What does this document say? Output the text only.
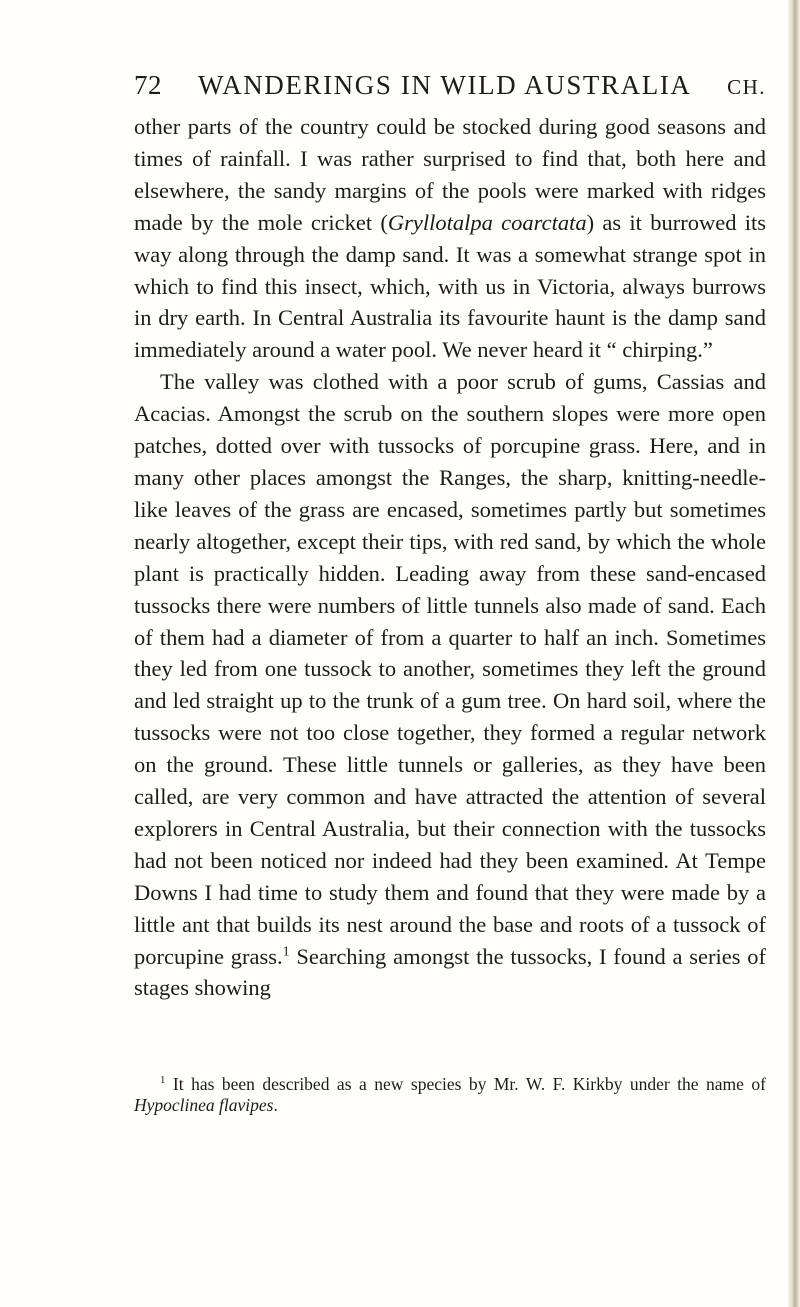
72 WANDERINGS IN WILD AUSTRALIA CH.

other parts of the country could be stocked during good seasons and times of rainfall. I was rather surprised to find that, both here and elsewhere, the sandy margins of the pools were marked with ridges made by the mole cricket (Gryllotalpa coarctata) as it burrowed its way along through the damp sand. It was a somewhat strange spot in which to find this insect, which, with us in Victoria, always burrows in dry earth. In Central Australia its favourite haunt is the damp sand immediately around a water pool. We never heard it “ chirping.”

The valley was clothed with a poor scrub of gums, Cassias and Acacias. Amongst the scrub on the southern slopes were more open patches, dotted over with tussocks of porcupine grass. Here, and in many other places amongst the Ranges, the sharp, knitting-needle-like leaves of the grass are encased, sometimes partly but sometimes nearly altogether, except their tips, with red sand, by which the whole plant is practically hidden. Leading away from these sand-encased tussocks there were numbers of little tunnels also made of sand. Each of them had a diameter of from a quarter to half an inch. Sometimes they led from one tussock to another, sometimes they left the ground and led straight up to the trunk of a gum tree. On hard soil, where the tussocks were not too close together, they formed a regular network on the ground. These little tunnels or galleries, as they have been called, are very common and have attracted the attention of several explorers in Central Australia, but their connection with the tussocks had not been noticed nor indeed had they been examined. At Tempe Downs I had time to study them and found that they were made by a little ant that builds its nest around the base and roots of a tussock of porcupine grass.$^1$ Searching amongst the tussocks, I found a series of stages showing

$^1$ It has been described as a new species by Mr. W. F. Kirkby under the name of Hypoclinea flavipes.
